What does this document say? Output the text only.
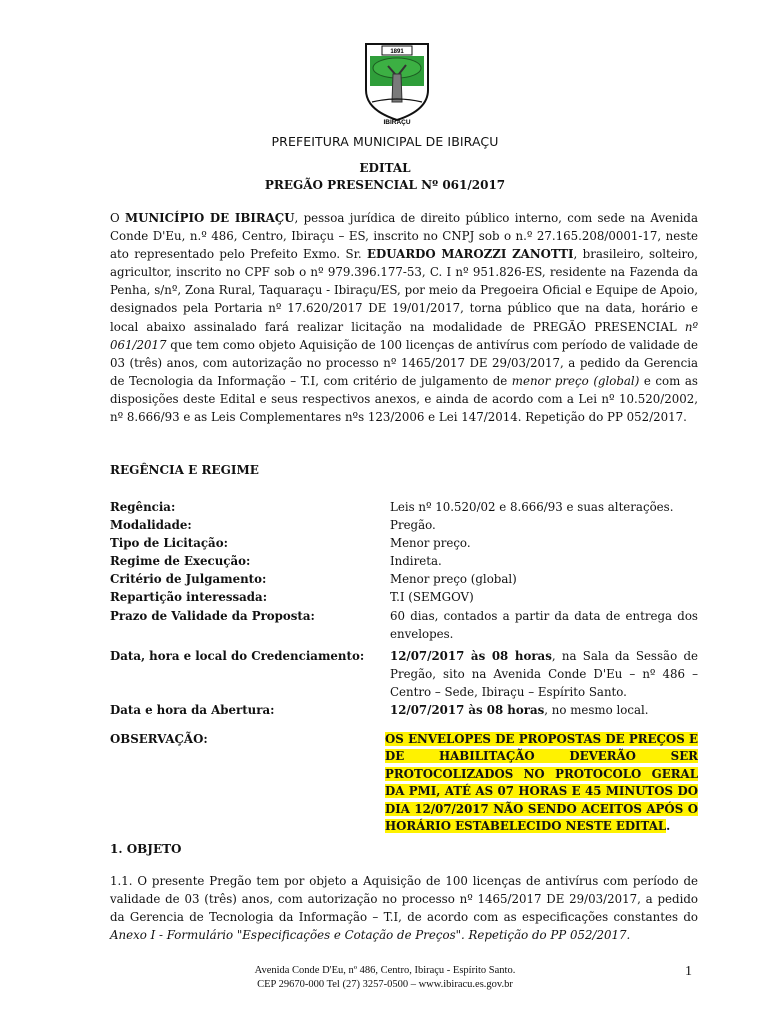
1891
IBIRAÇU
PREFEITURA MUNICIPAL DE IBIRAÇU
EDITAL
PREGÃO PRESENCIAL Nº 061/2017
O MUNICÍPIO DE IBIRAÇU, pessoa jurídica de direito público interno, com sede na Avenida Conde D'Eu, n.º 486, Centro, Ibiraçu – ES, inscrito no CNPJ sob o n.º 27.165.208/0001-17, neste ato representado pelo Prefeito Exmo. Sr. EDUARDO MAROZZI ZANOTTI, brasileiro, solteiro, agricultor, inscrito no CPF sob o nº 979.396.177-53, C. I nº 951.826-ES, residente na Fazenda da Penha, s/nº, Zona Rural, Taquaraçu - Ibiraçu/ES, por meio da Pregoeira Oficial e Equipe de Apoio, designados pela Portaria nº 17.620/2017 DE 19/01/2017, torna público que na data, horário e local abaixo assinalado fará realizar licitação na modalidade de PREGÃO PRESENCIAL nº 061/2017 que tem como objeto Aquisição de 100 licenças de antivírus com período de validade de 03 (três) anos, com autorização no processo nº 1465/2017 DE 29/03/2017, a pedido da Gerencia de Tecnologia da Informação – T.I, com critério de julgamento de menor preço (global) e com as disposições deste Edital e seus respectivos anexos, e ainda de acordo com a Lei nº 10.520/2002, nº 8.666/93 e as Leis Complementares nºs 123/2006 e Lei 147/2014. Repetição do PP 052/2017.
REGÊNCIA E REGIME
Regência:	Leis nº 10.520/02 e 8.666/93 e suas alterações.
Modalidade:	Pregão.
Tipo de Licitação:	Menor preço.
Regime de Execução:	Indireta.
Critério de Julgamento:	Menor preço (global)
Repartição interessada:	T.I (SEMGOV)
Prazo de Validade da Proposta:	60 dias, contados a partir da data de entrega dos envelopes.
Data, hora e local do Credenciamento:	12/07/2017 às 08 horas, na Sala da Sessão de Pregão, sito na Avenida Conde D'Eu – nº 486 – Centro – Sede, Ibiraçu – Espírito Santo.
Data e hora da Abertura:	12/07/2017 às 08 horas, no mesmo local.
OBSERVAÇÃO:	OS ENVELOPES DE PROPOSTAS DE PREÇOS E DE HABILITAÇÃO DEVERÃO SER PROTOCOLIZADOS NO PROTOCOLO GERAL DA PMI, ATÉ AS 07 HORAS E 45 MINUTOS DO DIA 12/07/2017 NÃO SENDO ACEITOS APÓS O HORÁRIO ESTABELECIDO NESTE EDITAL.
1. OBJETO
1.1. O presente Pregão tem por objeto a Aquisição de 100 licenças de antivírus com período de validade de 03 (três) anos, com autorização no processo nº 1465/2017 DE 29/03/2017, a pedido da Gerencia de Tecnologia da Informação – T.I, de acordo com as especificações constantes do Anexo I - Formulário "Especificações e Cotação de Preços". Repetição do PP 052/2017.
Avenida Conde D'Eu, nº 486, Centro, Ibiraçu - Espírito Santo.
CEP 29670-000 Tel (27) 3257-0500 – www.ibiracu.es.gov.br
1
